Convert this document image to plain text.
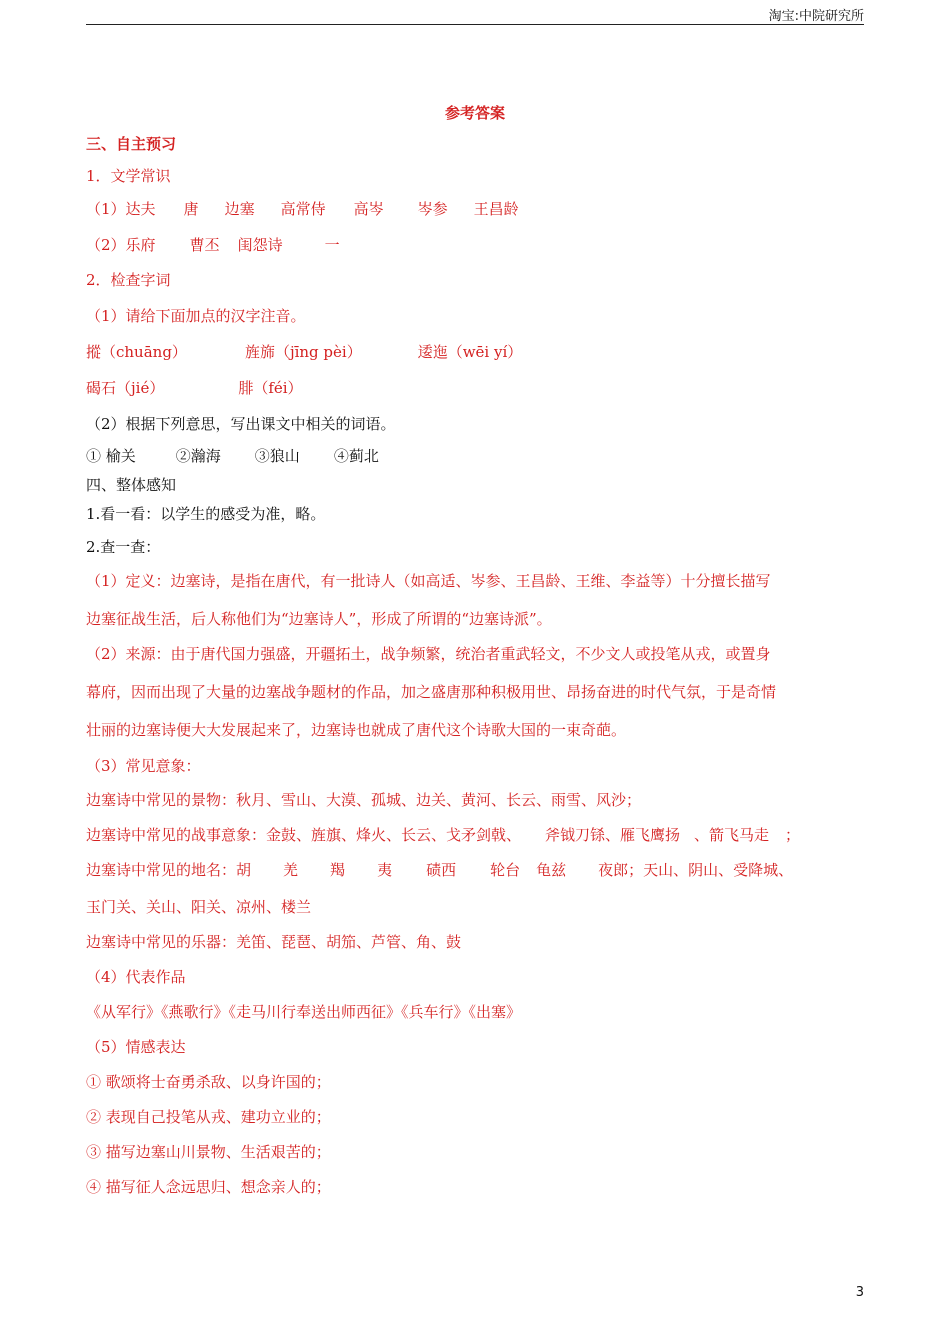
淘宝:中院研究所
参考答案
三、自主预习
1．文学常识
（1）达夫 唐 边塞 高常侍 高岑 岑参 王昌龄
（2）乐府 曹丕 闺怨诗	一
2．检查字词
（1）请给下面加点的汉字注音。
摐（chuāng）	旌旆（jīng pèi）	逶迤（wēi yí）
碣石（jié）	腓（féi）
（2）根据下列意思，写出课文中相关的词语。
① 榆关	②瀚海 ③狼山 ④蓟北
四、整体感知
1.看一看：以学生的感受为准，略。
2.查一查：
（1）定义：边塞诗，是指在唐代，有一批诗人（如高适、岑参、王昌龄、王维、李益等）十分擅长描写
边塞征战生活，后人称他们为“边塞诗人”，形成了所谓的“边塞诗派”。
（2）来源：由于唐代国力强盛，开疆拓土，战争频繁，统治者重武轻文，不少文人或投笔从戎，或置身
幕府，因而出现了大量的边塞战争题材的作品，加之盛唐那种积极用世、昂扬奋进的时代气氛，于是奇情
壮丽的边塞诗便大大发展起来了，边塞诗也就成了唐代这个诗歌大国的一束奇葩。
（3）常见意象：
边塞诗中常见的景物：秋月、雪山、大漠、孤城、边关、黄河、长云、雨雪、风沙；
边塞诗中常见的战事意象：金鼓、旌旗、烽火、长云、戈矛剑戟、 斧钺刀铩、雁飞鹰扬 、箭飞马走 ；
边塞诗中常见的地名：胡 羌 羯 夷 碛西 轮台 龟兹 夜郎；天山、阴山、受降城、
玉门关、关山、阳关、凉州、楼兰
边塞诗中常见的乐器：羌笛、琵琶、胡笳、芦管、角、鼓
（4）代表作品
《从军行》《燕歌行》《走马川行奉送出师西征》《兵车行》《出塞》
（5）情感表达
① 歌颂将士奋勇杀敌、以身许国的；
② 表现自己投笔从戎、建功立业的；
③ 描写边塞山川景物、生活艰苦的；
④ 描写征人念远思归、想念亲人的；
3
